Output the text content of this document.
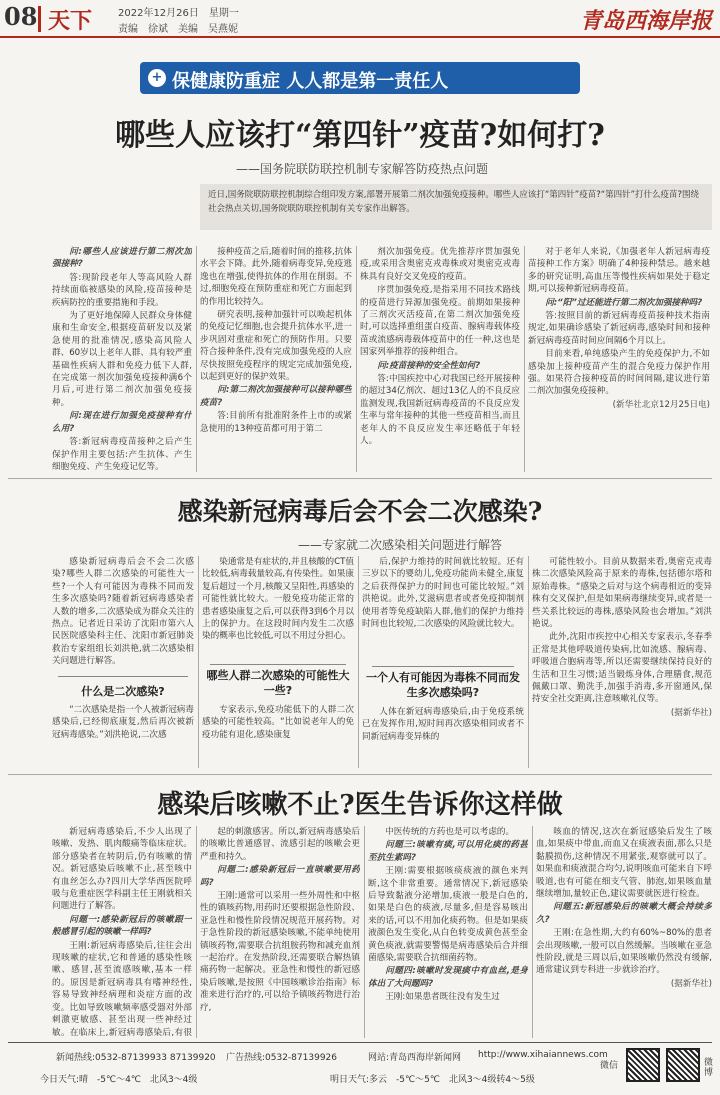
08 天下	2022年12月26日　星期一
责编　徐斌　美编　吴燕妮	青岛西海岸报
+ 保健康防重症 人人都是第一责任人
哪些人应该打“第四针”疫苗?如何打?
——国务院联防联控机制专家解答防疫热点问题
近日,国务院联防联控机制综合组印发方案,部署开展第二剂次加强免疫接种。哪些人应该打“第四针”疫苗?“第四针”打什么疫苗?围绕社会热点关切,国务院联防联控机制有关专家作出解答。

问:哪些人应该进行第二剂次加强接种?

答:现阶段老年人等高风险人群持续面临被感染的风险,疫苗接种是疾病防控的重要措施和手段。

为了更好地保障人民群众身体健康和生命安全,根据疫苗研发以及紧急使用的批准情况,感染高风险人群、60岁以上老年人群、具有较严重基础性疾病人群和免疫力低下人群,在完成第一剂次加强免疫接种满6个月后,可进行第二剂次加强免疫接种。

问:现在进行加强免疫接种有什么用?

答:新冠病毒疫苗接种之后产生保护作用主要包括:产生抗体、产生细胞免疫、产生免疫记忆等。

接种疫苗之后,随着时间的推移,抗体水平会下降。此外,随着病毒变异,免疫逃逸也在增强,使得抗体的作用在削弱。不过,细胞免疫在预防重症和死亡方面起到的作用比较持久。

研究表明,接种加强针可以唤起机体的免疫记忆细胞,也会提升抗体水平,进一步巩固对重症和死亡的预防作用。只要符合接种条件,没有完成加强免疫的人应尽快按照免疫程序的规定完成加强免疫,以起到更好的保护效果。

问:第二剂次加强接种可以接种哪些疫苗?

答:目前所有批准附条件上市的或紧急使用的13种疫苗都可用于第二

剂次加强免疫。优先推荐序贯加强免疫,或采用含奥密克戎毒株或对奥密克戎毒株具有良好交叉免疫的疫苗。

序贯加强免疫,是指采用不同技术路线的疫苗进行异源加强免疫。前期如果接种了三剂次灭活疫苗,在第二剂次加强免疫时,可以选择重组蛋白疫苗、腺病毒载体疫苗或流感病毒载体疫苗中的任一种,这也是国家列举推荐的接种组合。

问:疫苗接种的安全性如何?

答:中国疾控中心对我国已经开展接种的超过34亿剂次、超过13亿人的不良反应监测发现,我国新冠病毒疫苗的不良反应发生率与常年接种的其他一些疫苗相当,而且老年人的不良反应发生率还略低于年轻人。

对于老年人来说,《加强老年人新冠病毒疫苗接种工作方案》明确了4种接种禁忌。越来越多的研究证明,高血压等慢性疾病如果处于稳定期,可以接种新冠病毒疫苗。

问:“阳”过还能进行第二剂次加强接种吗?

答:按照目前的新冠病毒疫苗接种技术指南规定,如果确诊感染了新冠病毒,感染时间和接种新冠病毒疫苗时间应间隔6个月以上。

目前来看,单纯感染产生的免疫保护力,不如感染加上接种疫苗产生的混合免疫力保护作用强。如果符合接种疫苗的时间间隔,建议进行第二剂次加强免疫接种。

(新华社北京12月25日电)

感染新冠病毒后会不会二次感染?
——专家就二次感染相关问题进行解答

感染新冠病毒后会不会二次感染?哪些人群二次感染的可能性大一些?一个人有可能因为毒株不同而发生多次感染吗?随着新冠病毒感染者人数的增多,二次感染成为群众关注的热点。记者近日采访了沈阳市第六人民医院感染科主任、沈阳市新冠肺炎救治专家组组长刘洪艳,就二次感染相关问题进行解答。

什么是二次感染?

“二次感染是指一个人被新冠病毒感染后,已经彻底康复,然后再次被新冠病毒感染。”刘洪艳说,二次感

染通常是有症状的,并且核酸的CT值比较低,病毒载量较高,有传染性。如果康复后超过一个月,核酸又呈阳性,再感染的可能性就比较大。一般免疫功能正常的患者感染康复之后,可以获得3到6个月以上的保护力。在这段时间内发生二次感染的概率也比较低,可以不用过分担心。

哪些人群二次感染的可能性大一些?

专家表示,免疫功能低下的人群二次感染的可能性较高。“比如说老年人的免疫功能有退化,感染康复

后,保护力维持的时间就比较短。还有三岁以下的婴幼儿,免疫功能尚未健全,康复之后获得保护力的时间也可能比较短。”刘洪艳说。此外,艾滋病患者或者免疫抑制剂使用者等免疫缺陷人群,他们的保护力维持时间也比较短,二次感染的风险就比较大。

一个人有可能因为毒株不同而发生多次感染吗?

人体在新冠病毒感染后,由于免疫系统已在发挥作用,短时间再次感染相同或者不同新冠病毒变异株的

可能性较小。目前从数据来看,奥密克戎毒株二次感染风险高于原来的毒株,包括德尔塔和原始毒株。“感染之后对与这个病毒相近的变异株有交叉保护,但是如果病毒继续变异,或者是一些关系比较远的毒株,感染风险也会增加。”刘洪艳说。

此外,沈阳市疾控中心相关专家表示,冬春季正常是其他呼吸道传染病,比如流感、腺病毒、呼吸道合胞病毒等,所以还需要继续保持良好的生活和卫生习惯;适当锻炼身体,合理膳食,规范佩戴口罩、勤洗手,加强手消毒,多开窗通风,保持安全社交距离,注意咳嗽礼仪等。

(据新华社)

感染后咳嗽不止?医生告诉你这样做

新冠病毒感染后,不少人出现了咳嗽、发热、肌肉酸痛等临床症状。部分感染者在转阴后,仍有咳嗽的情况。新冠感染后咳嗽不止,甚至咳中有血丝怎么办?四川大学华西医院呼吸与危重症医学科副主任王刚就相关问题进行了解答。

问题一:感染新冠后的咳嗽跟一般感冒引起的咳嗽一样吗?

王刚:新冠病毒感染后,往往会出现咳嗽的症状,它和普通的感染性咳嗽、感冒,甚至流感咳嗽,基本一样的。原因是新冠病毒具有嗜神经性,容易导致神经病理和炎症方面的改变。比如导致咳嗽频率感受器对外部刺激更敏感、甚至出现一些神经过敏。在临床上,新冠病毒感染后,有很

起的刺激感害。所以,新冠病毒感染后的咳嗽比普通感冒、流感引起的咳嗽会更严重和持久。

问题二:感染新冠后一直咳嗽要用药吗?

王刚:通常可以采用一些外周性和中枢性的镇咳药物,用药时还要根据急性阶段、亚急性和慢性阶段情况规范开展药物。对于急性阶段的新冠感染咳嗽,不能单纯使用镇咳药物,需要联合抗组胺药物和减充血剂一起治疗。在发热阶段,还需要联合解热镇痛药物一起解决。亚急性和慢性的新冠感染后咳嗽,是按照《中国咳嗽诊治指南》标准来进行治疗的,可以给予镇咳药物进行治疗,

中医传统的方药也是可以考虑的。

问题三:咳嗽有痰,可以用化痰的药甚至抗生素吗?

王刚:需要根据咳痰痰液的颜色来判断,这个非常重要。通常情况下,新冠感染后导致黏液分泌增加,痰液一般是白色的,如果是白色的痰液,尽量多,但是容易咳出来的话,可以不用加化痰药物。但是如果痰液颜色发生变化,从白色转变成黄色甚至金黄色痰液,就需要警惕是病毒感染后合并细菌感染,需要联合抗细菌药物。

问题四:咳嗽时发现痰中有血丝,是身体出了大问题吗?

王刚:如果患者既往没有发生过

咳血的情况,这次在新冠感染后发生了咳血,如果痰中带血,而血又在痰液表面,那么只是黏膜损伤,这种情况不用紧张,观察就可以了。如果血和痰液混合均匀,说明咳血可能来自下呼吸道,也有可能在细支气管、肺泡,如果咳血量继续增加,量较正色,建议需要就医进行检查。

问题五:新冠感染后的咳嗽大概会持续多久?

王刚:在急性期,大约有60%~80%的患者会出现咳嗽,一般可以自然缓解。当咳嗽在亚急性阶段,就是三周以后,如果咳嗽仍然没有缓解,通常建议到专科进一步就诊治疗。

(据新华社)

新闻热线:0532-87139933 87139920 广告热线:0532-87139926	网站:青岛西海岸新闻网 http://www.xihaiannews.com
今日天气:晴　-5℃～4℃　北风3～4级	明日天气:多云　-5℃～5℃　北风3～4级转4～5级
微信	微博
